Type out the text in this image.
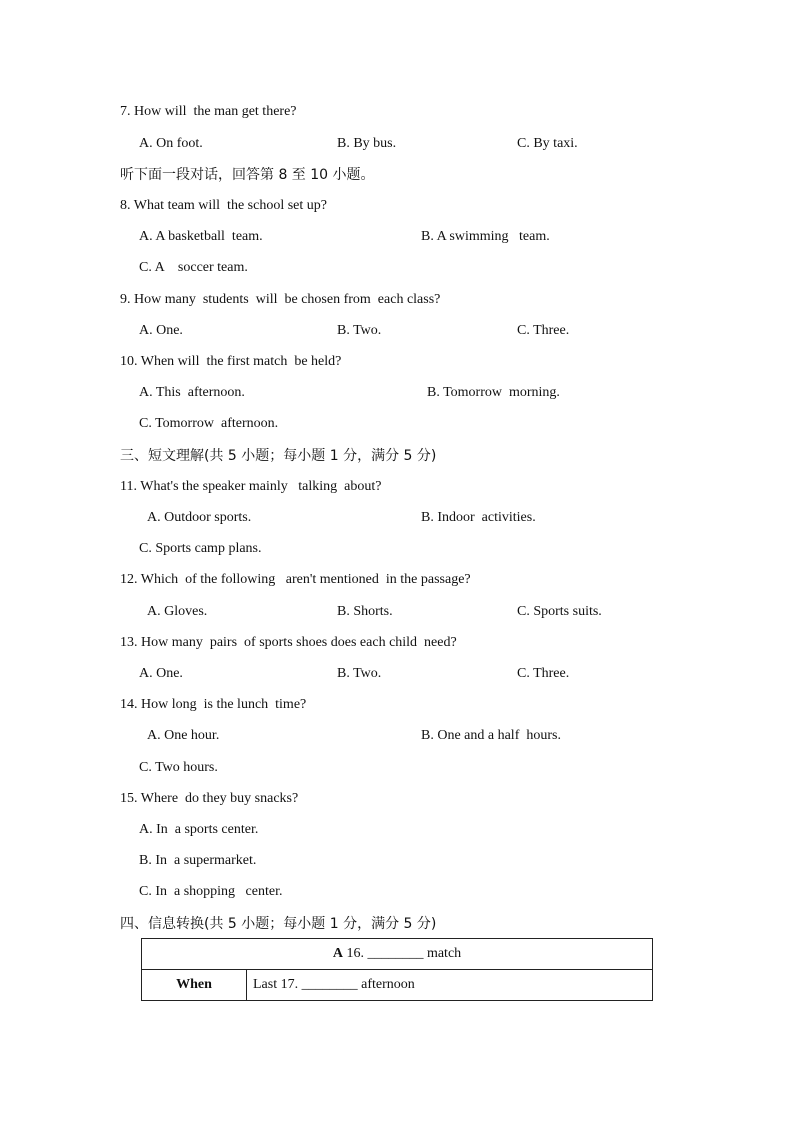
7. How will  the man get there?
A. On foot.	B. By bus.	C. By taxi.
听下面一段对话，回答第 8 至 10 小题。
8. What team will  the school set up?
A. A basketball  team.	B. A swimming   team.
C. A    soccer team.
9. How many  students  will  be chosen from  each class?
A. One.	B. Two.	C. Three.
10. When will  the first match  be held?
A. This  afternoon.	B. Tomorrow  morning.
C. Tomorrow  afternoon.
三、短文理解(共 5 小题；每小题 1 分，满分 5 分)
11. What's the speaker mainly   talking  about?
A. Outdoor sports.	B. Indoor  activities.
C. Sports camp plans.
12. Which  of the following   aren't mentioned  in the passage?
A. Gloves.	B. Shorts.	C. Sports suits.
13. How many  pairs  of sports shoes does each child  need?
A. One.	B. Two.	C. Three.
14. How long  is the lunch  time?
A. One hour.	B. One and a half  hours.
C. Two hours.
15. Where  do they buy snacks?
A. In  a sports center.
B. In  a supermarket.
C. In  a shopping   center.
四、信息转换(共 5 小题；每小题 1 分，满分 5 分)
A 16. ________ match
When	Last 17. ________ afternoon
